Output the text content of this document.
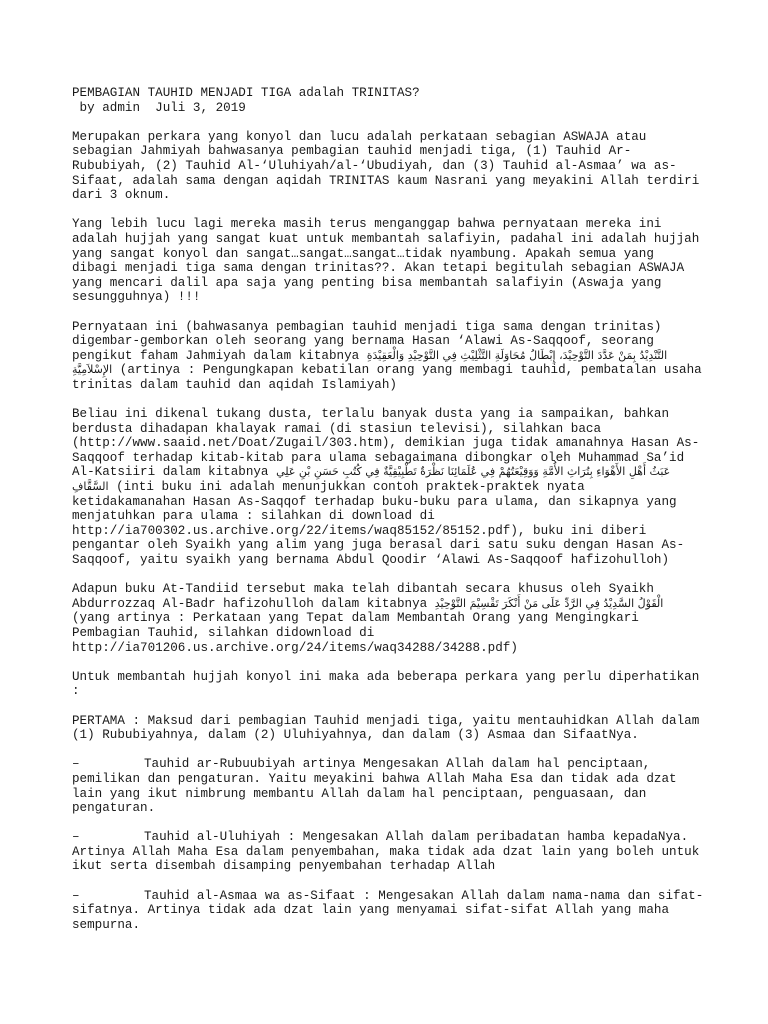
PEMBAGIAN TAUHID MENJADI TIGA adalah TRINITAS?

by admin  Juli 3, 2019

Merupakan perkara yang konyol dan lucu adalah perkataan sebagian ASWAJA atau sebagian Jahmiyah bahwasanya pembagian tauhid menjadi tiga, (1) Tauhid Ar-Rububiyah, (2) Tauhid Al-‘Uluhiyah/al-‘Ubudiyah, dan (3) Tauhid al-Asmaa’ wa as-Sifaat, adalah sama dengan aqidah TRINITAS kaum Nasrani yang meyakini Allah terdiri dari 3 oknum.

Yang lebih lucu lagi mereka masih terus menganggap bahwa pernyataan mereka ini adalah hujjah yang sangat kuat untuk membantah salafiyin, padahal ini adalah hujjah yang sangat konyol dan sangat…sangat…sangat…tidak nyambung. Apakah semua yang dibagi menjadi tiga sama dengan trinitas??. Akan tetapi begitulah sebagian ASWAJA yang mencari dalil apa saja yang penting bisa membantah salafiyin (Aswaja yang sesungguhnya) !!!

Pernyataan ini (bahwasanya pembagian tauhid menjadi tiga sama dengan trinitas) digembar-gemborkan oleh seorang yang bernama Hasan ‘Alawi As-Saqqoof, seorang pengikut faham Jahmiyah dalam kitabnya التَّنْدِيْدُ بِمَنْ عَدَّدَ التَّوْحِيْدَ، إِبْطَالُ مُحَاوَلَةِ التَّثْلِيْثِ فِي التَّوْحِيْدِ وَالْعَقِيْدَةِ الإِسْلاَمِيَّةِ (artinya : Pengungkapan kebatilan orang yang membagi tauhid, pembatalan usaha trinitas dalam tauhid dan aqidah Islamiyah)

Beliau ini dikenal tukang dusta, terlalu banyak dusta yang ia sampaikan, bahkan berdusta dihadapan khalayak ramai (di stasiun televisi), silahkan baca (http://www.saaid.net/Doat/Zugail/303.htm), demikian juga tidak amanahnya Hasan As-Saqqoof terhadap kitab-kitab para ulama sebagaimana dibongkar oleh Muhammad Sa’id Al-Katsiiri dalam kitabnya عَبَثُ أَهْلِ الأَهْوَاءِ بِتُرَاثِ الأُمَّةِ وَوَقِيْعَتُهُمْ فِي عُلَمَائِنَا نَظْرَةٌ تَطْبِيْقِيَّةٌ فِي كُتُبِ حَسَنِ بْنِ عَلِي السَّقَّافِ (inti buku ini adalah menunjukkan contoh praktek-praktek nyata ketidakamanahan Hasan As-Saqqof terhadap buku-buku para ulama, dan sikapnya yang menjatuhkan para ulama : silahkan di download di http://ia700302.us.archive.org/22/items/waq85152/85152.pdf), buku ini diberi pengantar oleh Syaikh yang alim yang juga berasal dari satu suku dengan Hasan As-Saqqoof, yaitu syaikh yang bernama Abdul Qoodir ‘Alawi As-Saqqoof hafizohulloh)

Adapun buku At-Tandiid tersebut maka telah dibantah secara khusus oleh Syaikh Abdurrozzaq Al-Badr hafizohulloh dalam kitabnya الْقَوْلُ السَّدِيْدُ فِي الرَّدِّ عَلَى مَنْ أَنْكَرَ تَقْسِيْمَ التَّوْحِيْدِ (yang artinya : Perkataan yang Tepat dalam Membantah Orang yang Mengingkari Pembagian Tauhid, silahkan didownload di http://ia701206.us.archive.org/24/items/waq34288/34288.pdf)

Untuk membantah hujjah konyol ini maka ada beberapa perkara yang perlu diperhatikan :

PERTAMA : Maksud dari pembagian Tauhid menjadi tiga, yaitu mentauhidkan Allah dalam (1) Rububiyahnya, dalam (2) Uluhiyahnya, dan dalam (3) Asmaa dan SifaatNya.

–	Tauhid ar-Rubuubiyah artinya Mengesakan Allah dalam hal penciptaan, pemilikan dan pengaturan. Yaitu meyakini bahwa Allah Maha Esa dan tidak ada dzat lain yang ikut nimbrung membantu Allah dalam hal penciptaan, penguasaan, dan pengaturan.

–	Tauhid al-Uluhiyah : Mengesakan Allah dalam peribadatan hamba kepadaNya. Artinya Allah Maha Esa dalam penyembahan, maka tidak ada dzat lain yang boleh untuk ikut serta disembah disamping penyembahan terhadap Allah

–	Tauhid al-Asmaa wa as-Sifaat : Mengesakan Allah dalam nama-nama dan sifat-sifatnya. Artinya tidak ada dzat lain yang menyamai sifat-sifat Allah yang maha sempurna.
